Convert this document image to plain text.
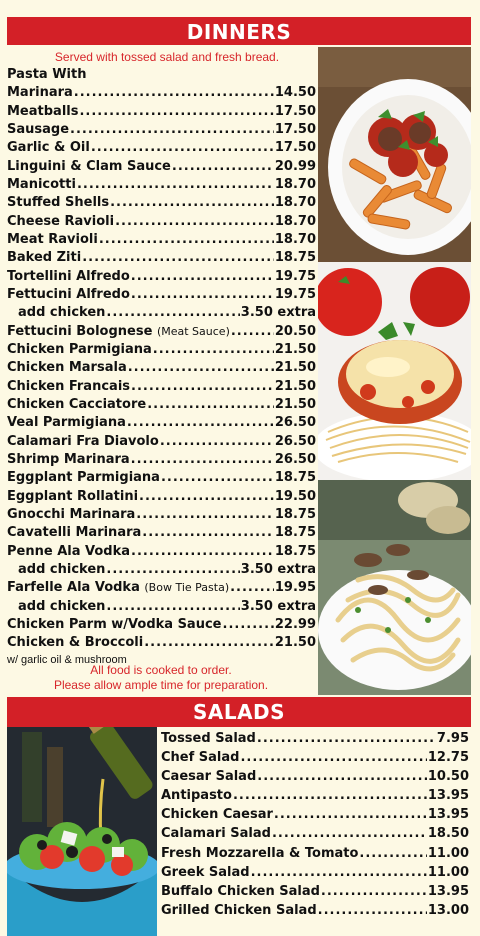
DINNERS
Served with tossed salad and fresh bread.
Pasta With
Marinara .....	14.50
Meatballs .....	17.50
Sausage .....	17.50
Garlic & Oil .....	17.50
Linguini & Clam Sauce .....	20.99
Manicotti .....	18.70
Stuffed Shells .....	18.70
Cheese Ravioli .....	18.70
Meat Ravioli .....	18.70
Baked Ziti .....	18.75
Tortellini Alfredo .....	19.75
Fettucini Alfredo .....	19.75
add chicken .....	3.50 extra
Fettucini Bolognese (Meat Sauce) .....	20.50
Chicken Parmigiana .....	21.50
Chicken Marsala .....	21.50
Chicken Francais .....	21.50
Chicken Cacciatore .....	21.50
Veal Parmigiana .....	26.50
Calamari Fra Diavolo .....	26.50
Shrimp Marinara .....	26.50
Eggplant Parmigiana .....	18.75
Eggplant Rollatini .....	19.50
Gnocchi Marinara .....	18.75
Cavatelli Marinara .....	18.75
Penne Ala Vodka .....	18.75
add chicken .....	3.50 extra
Farfelle Ala Vodka (Bow Tie Pasta) .....	19.95
add chicken .....	3.50 extra
Chicken Parm w/Vodka Sauce .....	22.99
Chicken & Broccoli .....	21.50
w/ garlic oil & mushroom
All food is cooked to order.
Please allow ample time for preparation.
SALADS
Tossed Salad .....	7.95
Chef Salad .....	12.75
Caesar Salad .....	10.50
Antipasto .....	13.95
Chicken Caesar .....	13.95
Calamari Salad .....	18.50
Fresh Mozzarella & Tomato .....	11.00
Greek Salad .....	11.00
Buffalo Chicken Salad .....	13.95
Grilled Chicken Salad .....	13.00
